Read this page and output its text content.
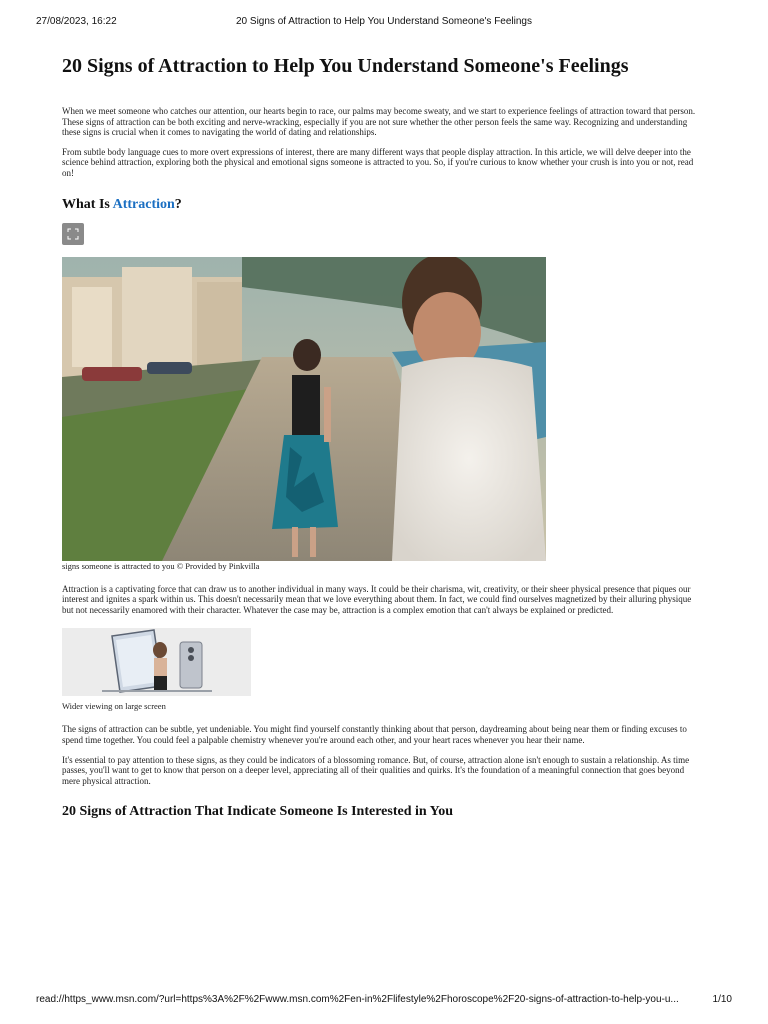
27/08/2023, 16:22	20 Signs of Attraction to Help You Understand Someone's Feelings
20 Signs of Attraction to Help You Understand Someone's Feelings

When we meet someone who catches our attention, our hearts begin to race, our palms may become sweaty, and we start to experience feelings of attraction toward that person. These signs of attraction can be both exciting and nerve-wracking, especially if you are not sure whether the other person feels the same way. Recognizing and understanding these signs is crucial when it comes to navigating the world of dating and relationships.

From subtle body language cues to more overt expressions of interest, there are many different ways that people display attraction. In this article, we will delve deeper into the science behind attraction, exploring both the physical and emotional signs someone is attracted to you. So, if you're curious to know whether your crush is into you or not, read on!

What Is Attraction?
signs someone is attracted to you © Provided by Pinkvilla

Attraction is a captivating force that can draw us to another individual in many ways. It could be their charisma, wit, creativity, or their sheer physical presence that piques our interest and ignites a spark within us. This doesn't necessarily mean that we love everything about them. In fact, we could find ourselves magnetized by their alluring physique but not necessarily enamored with their character. Whatever the case may be, attraction is a complex emotion that can't always be explained or predicted.

Wider viewing on large screen

The signs of attraction can be subtle, yet undeniable. You might find yourself constantly thinking about that person, daydreaming about being near them or finding excuses to spend time together. You could feel a palpable chemistry whenever you're around each other, and your heart races whenever you hear their name.

It's essential to pay attention to these signs, as they could be indicators of a blossoming romance. But, of course, attraction alone isn't enough to sustain a relationship. As time passes, you'll want to get to know that person on a deeper level, appreciating all of their qualities and quirks. It's the foundation of a meaningful connection that goes beyond mere physical attraction.

20 Signs of Attraction That Indicate Someone Is Interested in You
read://https_www.msn.com/?url=https%3A%2F%2Fwww.msn.com%2Fen-in%2Flifestyle%2Fhoroscope%2F20-signs-of-attraction-to-help-you-u...	1/10
